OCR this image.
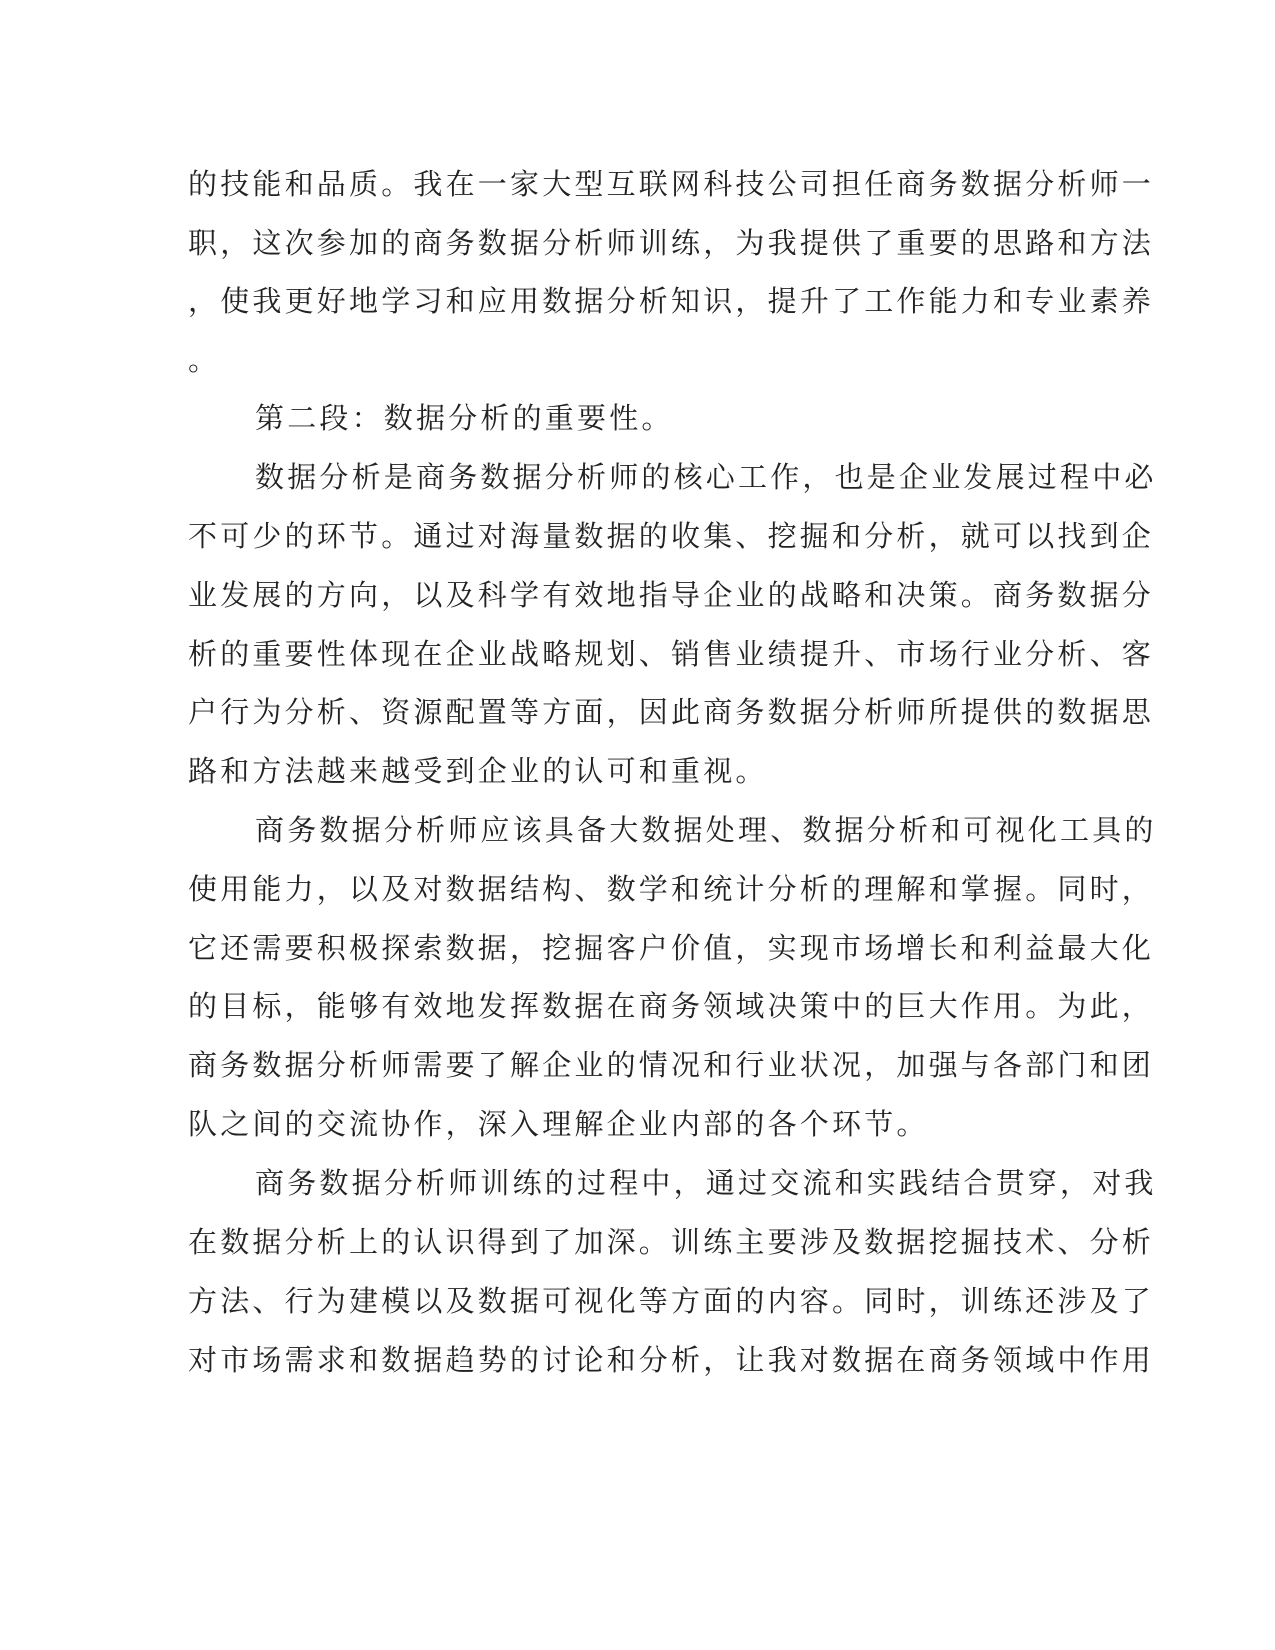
的技能和品质。我在一家大型互联网科技公司担任商务数据分析师一

职，这次参加的商务数据分析师训练，为我提供了重要的思路和方法

，使我更好地学习和应用数据分析知识，提升了工作能力和专业素养

。

第二段：数据分析的重要性。

数据分析是商务数据分析师的核心工作，也是企业发展过程中必

不可少的环节。通过对海量数据的收集、挖掘和分析，就可以找到企

业发展的方向，以及科学有效地指导企业的战略和决策。商务数据分

析的重要性体现在企业战略规划、销售业绩提升、市场行业分析、客

户行为分析、资源配置等方面，因此商务数据分析师所提供的数据思

路和方法越来越受到企业的认可和重视。

商务数据分析师应该具备大数据处理、数据分析和可视化工具的

使用能力，以及对数据结构、数学和统计分析的理解和掌握。同时，

它还需要积极探索数据，挖掘客户价值，实现市场增长和利益最大化

的目标，能够有效地发挥数据在商务领域决策中的巨大作用。为此，

商务数据分析师需要了解企业的情况和行业状况，加强与各部门和团

队之间的交流协作，深入理解企业内部的各个环节。

商务数据分析师训练的过程中，通过交流和实践结合贯穿，对我

在数据分析上的认识得到了加深。训练主要涉及数据挖掘技术、分析

方法、行为建模以及数据可视化等方面的内容。同时，训练还涉及了

对市场需求和数据趋势的讨论和分析，让我对数据在商务领域中作用
